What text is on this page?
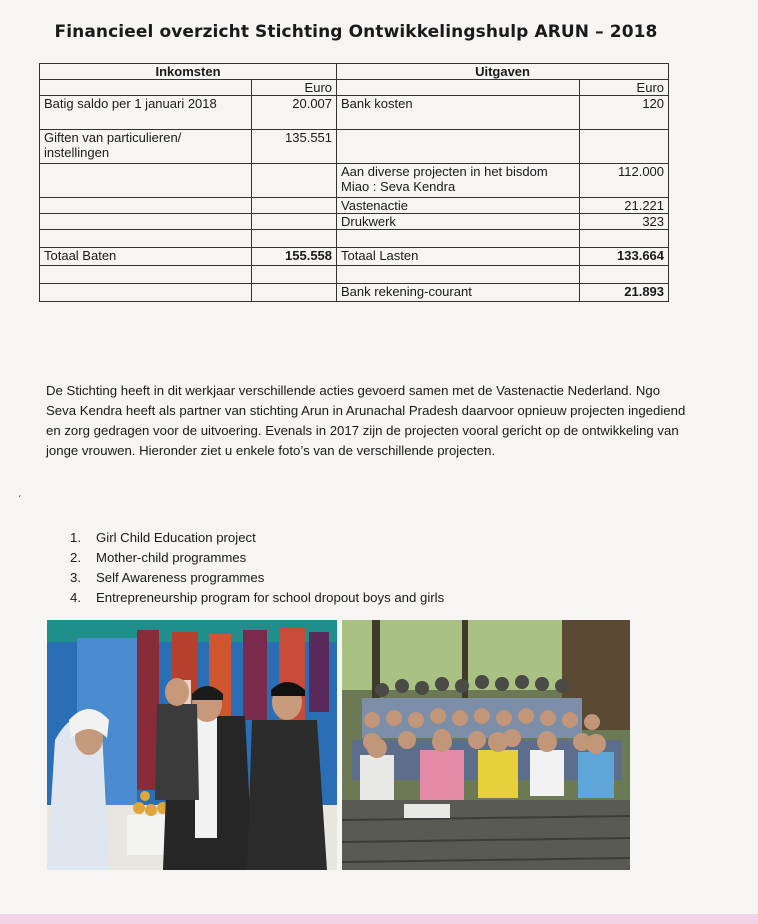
Financieel overzicht Stichting Ontwikkelingshulp ARUN – 2018
Inkomsten		Uitgaven	
	Euro		Euro
Batig saldo per 1 januari 2018	20.007	Bank kosten	120
Giften van particulieren/ instellingen	135.551		
		Aan diverse projecten in het bisdom Miao : Seva Kendra	112.000
		Vastenactie	21.221
		Drukwerk	323

Totaal Baten	155.558	Totaal Lasten	133.664

		Bank rekening-courant	21.893
De Stichting heeft in dit werkjaar verschillende acties gevoerd samen met de Vastenactie Nederland. Ngo Seva Kendra heeft als partner van stichting Arun in Arunachal Pradesh daarvoor opnieuw projecten ingediend en zorg gedragen voor de uitvoering. Evenals in 2017 zijn de projecten vooral gericht op de ontwikkeling van jonge vrouwen. Hieronder ziet u enkele foto’s van de verschillende projecten.
ˊ
1.	Girl Child Education project
2.	Mother-child programmes
3.	Self Awareness programmes
4.	Entrepreneurship program for school dropout boys and girls
